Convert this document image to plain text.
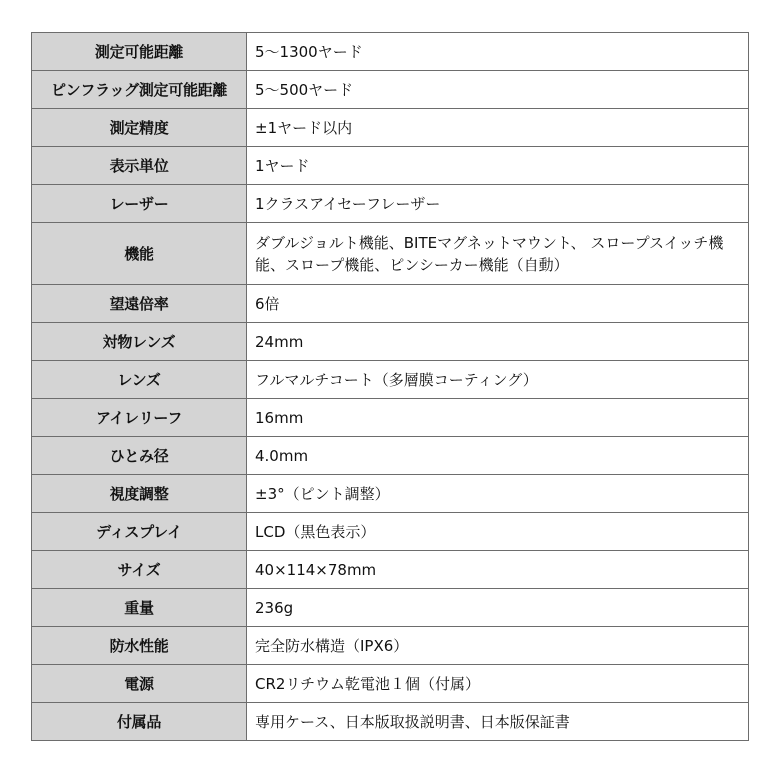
測定可能距離	5～1300ヤード
ピンフラッグ測定可能距離	5～500ヤード
測定精度	±1ヤード以内
表示単位	1ヤード
レーザー	1クラスアイセーフレーザー
機能	ダブルジョルト機能、BITEマグネットマウント、 スロープスイッチ機能、スロープ機能、ピンシーカー機能（自動）
望遠倍率	6倍
対物レンズ	24mm
レンズ	フルマルチコート（多層膜コーティング）
アイレリーフ	16mm
ひとみ径	4.0mm
視度調整	±3°（ピント調整）
ディスプレイ	LCD（黒色表示）
サイズ	40×114×78mm
重量	236g
防水性能	完全防水構造（IPX6）
電源	CR2リチウム乾電池１個（付属）
付属品	専用ケース、日本版取扱説明書、日本版保証書
